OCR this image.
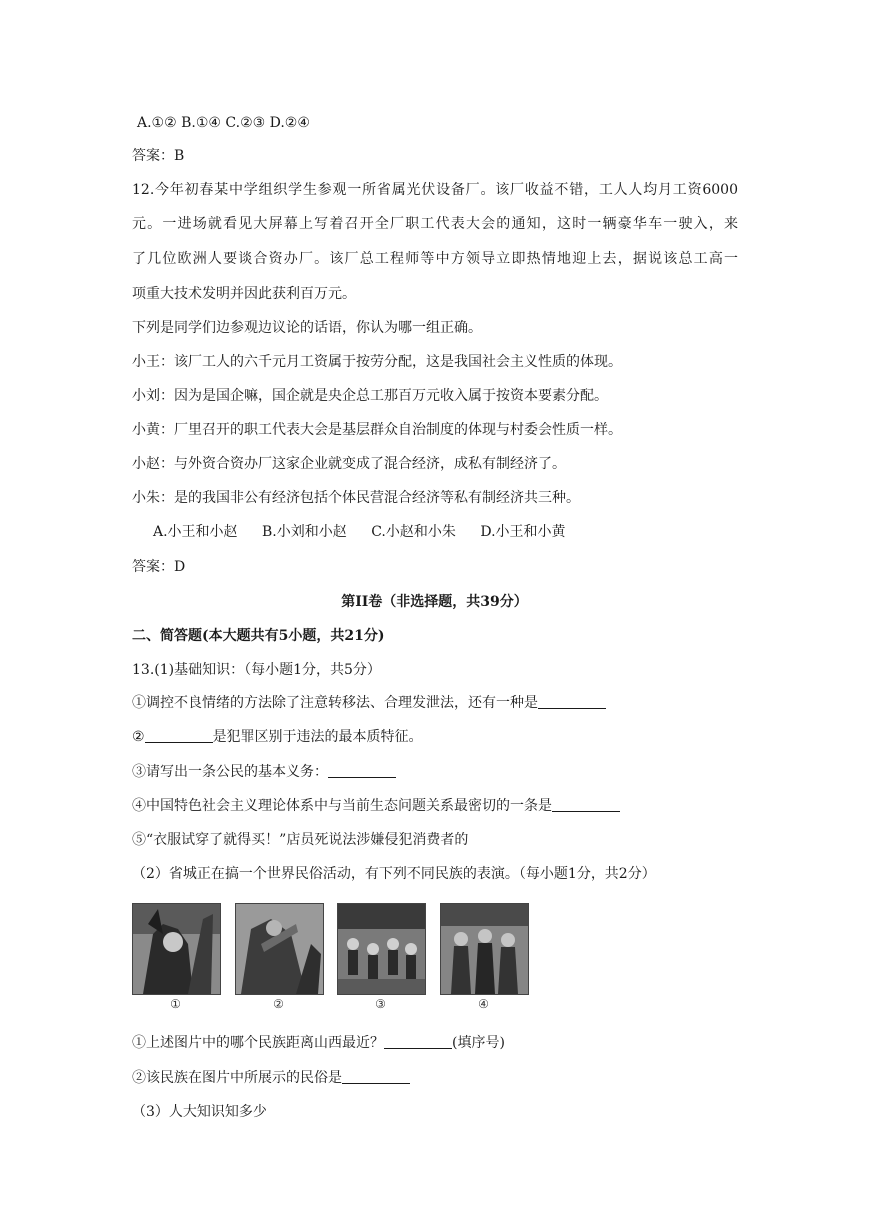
A.①② B.①④ C.②③ D.②④
答案：B
12.今年初春某中学组织学生参观一所省属光伏设备厂。该厂收益不错，工人人均月工资6000
元。一进场就看见大屏幕上写着召开全厂职工代表大会的通知，这时一辆豪华车一驶入，来
了几位欧洲人要谈合资办厂。该厂总工程师等中方领导立即热情地迎上去，据说该总工高一
项重大技术发明并因此获利百万元。
下列是同学们边参观边议论的话语，你认为哪一组正确。
小王：该厂工人的六千元月工资属于按劳分配，这是我国社会主义性质的体现。
小刘：因为是国企嘛，国企就是央企总工那百万元收入属于按资本要素分配。
小黄：厂里召开的职工代表大会是基层群众自治制度的体现与村委会性质一样。
小赵：与外资合资办厂这家企业就变成了混合经济，成私有制经济了。
小朱：是的我国非公有经济包括个体民营混合经济等私有制经济共三种。
A.小王和小赵 B.小刘和小赵 C.小赵和小朱 D.小王和小黄
答案：D
第II卷（非选择题，共39分）
二、简答题(本大题共有5小题，共21分)
13.(1)基础知识：（每小题1分，共5分）
①调控不良情绪的方法除了注意转移法、合理发泄法，还有一种是
②	是犯罪区别于违法的最本质特征。
③请写出一条公民的基本义务：
④中国特色社会主义理论体系中与当前生态问题关系最密切的一条是
⑤“衣服试穿了就得买！”店员死说法涉嫌侵犯消费者的
（2）省城正在搞一个世界民俗活动，有下列不同民族的表演。（每小题1分，共2分）
①	②	③	④
①上述图片中的哪个民族距离山西最近？	(填序号)
②该民族在图片中所展示的民俗是
（3）人大知识知多少
